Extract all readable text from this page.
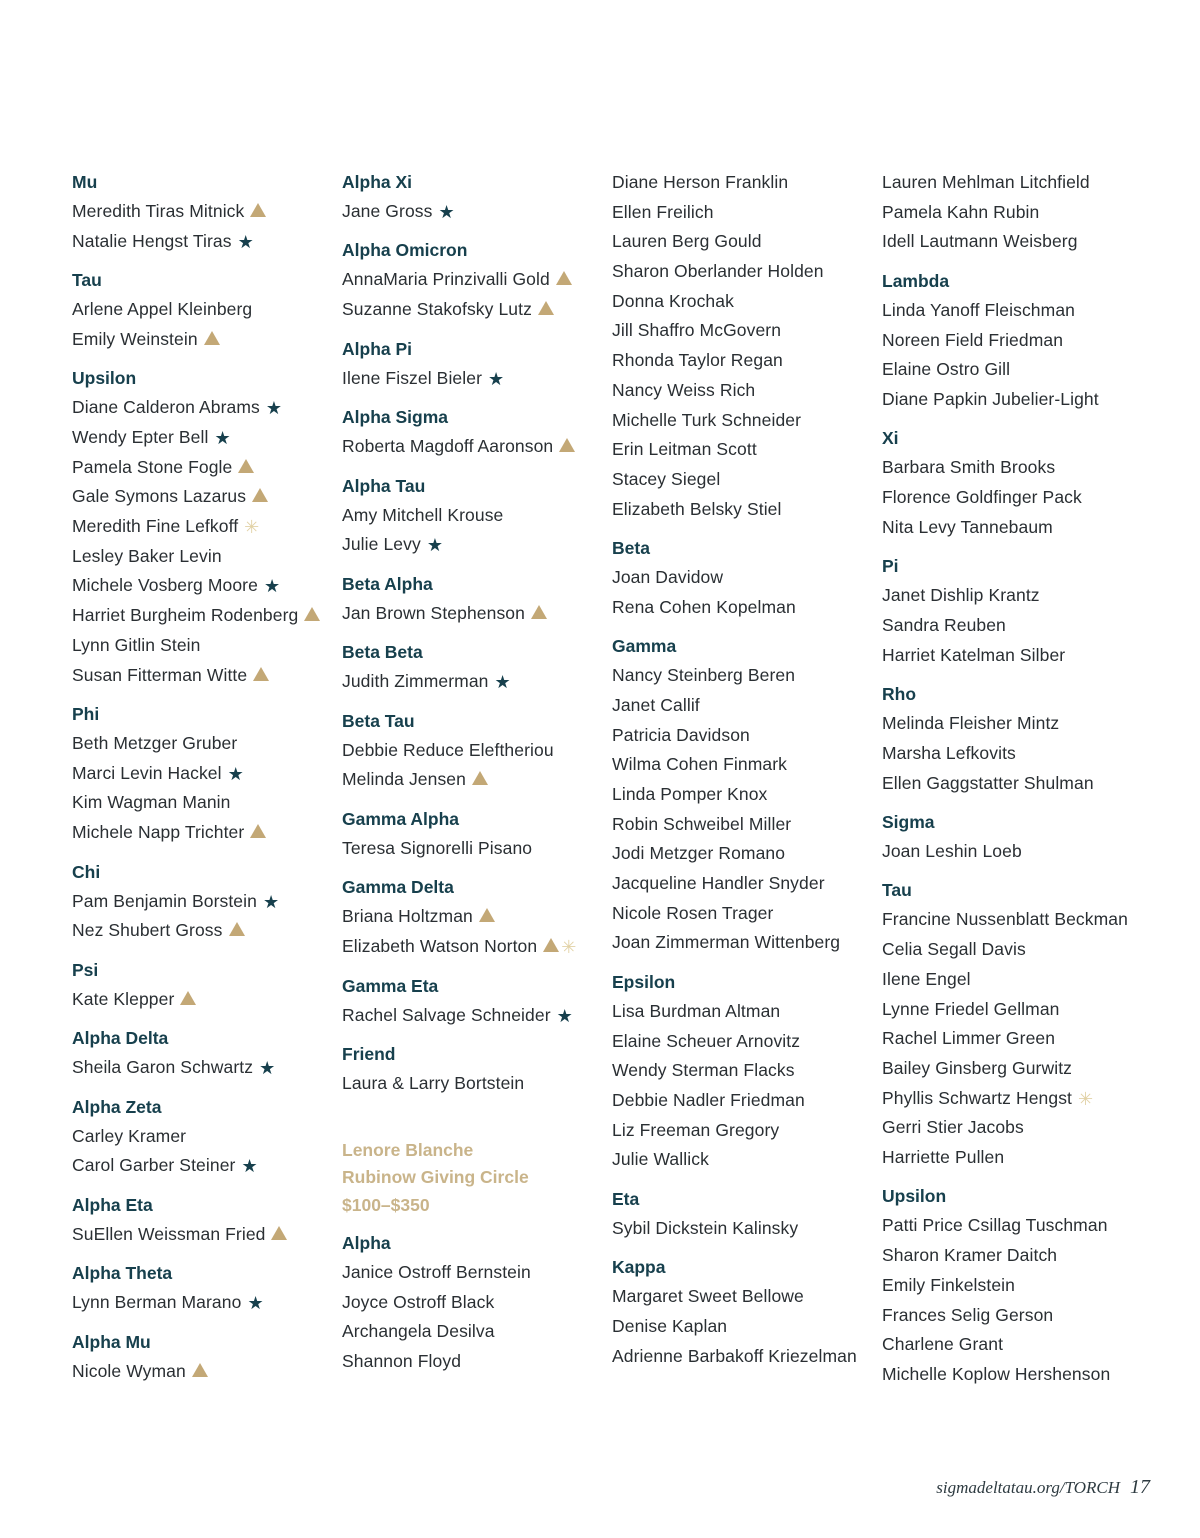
Mu
Meredith Tiras Mitnick
Natalie Hengst Tiras ★
Tau
Arlene Appel Kleinberg
Emily Weinstein
Upsilon
Diane Calderon Abrams ★
Wendy Epter Bell ★
Pamela Stone Fogle
Gale Symons Lazarus
Meredith Fine Lefkoff ✳
Lesley Baker Levin
Michele Vosberg Moore ★
Harriet Burgheim Rodenberg
Lynn Gitlin Stein
Susan Fitterman Witte
Phi
Beth Metzger Gruber
Marci Levin Hackel ★
Kim Wagman Manin
Michele Napp Trichter
Chi
Pam Benjamin Borstein ★
Nez Shubert Gross
Psi
Kate Klepper
Alpha Delta
Sheila Garon Schwartz ★
Alpha Zeta
Carley Kramer
Carol Garber Steiner ★
Alpha Eta
SuEllen Weissman Fried
Alpha Theta
Lynn Berman Marano ★
Alpha Mu
Nicole Wyman
Alpha Xi
Jane Gross ★
Alpha Omicron
AnnaMaria Prinzivalli Gold
Suzanne Stakofsky Lutz
Alpha Pi
Ilene Fiszel Bieler ★
Alpha Sigma
Roberta Magdoff Aaronson
Alpha Tau
Amy Mitchell Krouse
Julie Levy ★
Beta Alpha
Jan Brown Stephenson
Beta Beta
Judith Zimmerman ★
Beta Tau
Debbie Reduce Eleftheriou
Melinda Jensen
Gamma Alpha
Teresa Signorelli Pisano
Gamma Delta
Briana Holtzman
Elizabeth Watson Norton ✳
Gamma Eta
Rachel Salvage Schneider ★
Friend
Laura & Larry Bortstein
Lenore Blanche
Rubinow Giving Circle
$100–$350
Alpha
Janice Ostroff Bernstein
Joyce Ostroff Black
Archangela Desilva
Shannon Floyd
Diane Herson Franklin
Ellen Freilich
Lauren Berg Gould
Sharon Oberlander Holden
Donna Krochak
Jill Shaffro McGovern
Rhonda Taylor Regan
Nancy Weiss Rich
Michelle Turk Schneider
Erin Leitman Scott
Stacey Siegel
Elizabeth Belsky Stiel
Beta
Joan Davidow
Rena Cohen Kopelman
Gamma
Nancy Steinberg Beren
Janet Callif
Patricia Davidson
Wilma Cohen Finmark
Linda Pomper Knox
Robin Schweibel Miller
Jodi Metzger Romano
Jacqueline Handler Snyder
Nicole Rosen Trager
Joan Zimmerman Wittenberg
Epsilon
Lisa Burdman Altman
Elaine Scheuer Arnovitz
Wendy Sterman Flacks
Debbie Nadler Friedman
Liz Freeman Gregory
Julie Wallick
Eta
Sybil Dickstein Kalinsky
Kappa
Margaret Sweet Bellowe
Denise Kaplan
Adrienne Barbakoff Kriezelman
Lauren Mehlman Litchfield
Pamela Kahn Rubin
Idell Lautmann Weisberg
Lambda
Linda Yanoff Fleischman
Noreen Field Friedman
Elaine Ostro Gill
Diane Papkin Jubelier-Light
Xi
Barbara Smith Brooks
Florence Goldfinger Pack
Nita Levy Tannebaum
Pi
Janet Dishlip Krantz
Sandra Reuben
Harriet Katelman Silber
Rho
Melinda Fleisher Mintz
Marsha Lefkovits
Ellen Gaggstatter Shulman
Sigma
Joan Leshin Loeb
Tau
Francine Nussenblatt Beckman
Celia Segall Davis
Ilene Engel
Lynne Friedel Gellman
Rachel Limmer Green
Bailey Ginsberg Gurwitz
Phyllis Schwartz Hengst ✳
Gerri Stier Jacobs
Harriette Pullen
Upsilon
Patti Price Csillag Tuschman
Sharon Kramer Daitch
Emily Finkelstein
Frances Selig Gerson
Charlene Grant
Michelle Koplow Hershenson
sigmadeltatau.org/TORCH 17
